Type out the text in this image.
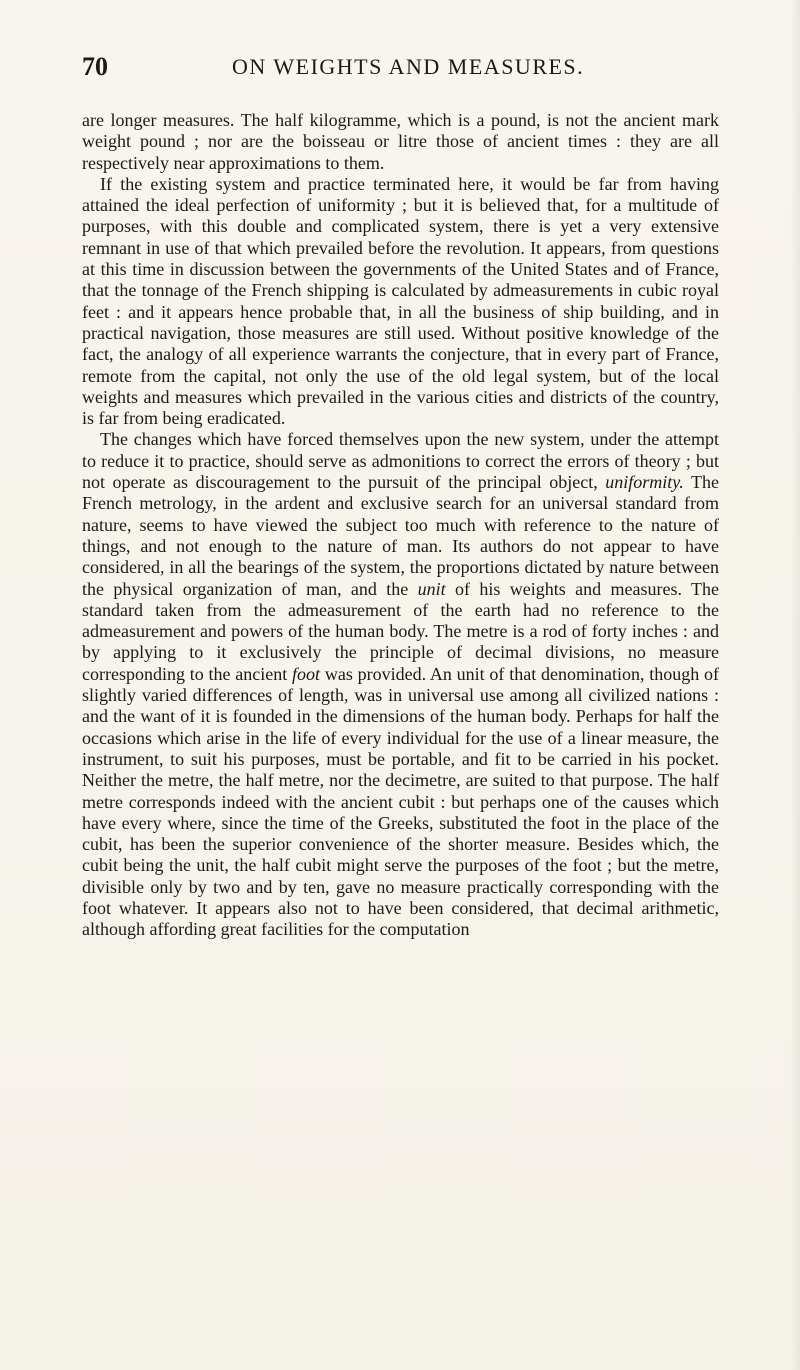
70	ON WEIGHTS AND MEASURES.

are longer measures. The half kilogramme, which is a pound, is not the ancient mark weight pound ; nor are the boisseau or litre those of ancient times : they are all respectively near approximations to them.

If the existing system and practice terminated here, it would be far from having attained the ideal perfection of uniformity ; but it is believed that, for a multitude of purposes, with this double and complicated system, there is yet a very extensive remnant in use of that which prevailed before the revolution. It appears, from questions at this time in discussion between the governments of the United States and of France, that the tonnage of the French shipping is calculated by admeasurements in cubic royal feet : and it appears hence probable that, in all the business of ship building, and in practical navigation, those measures are still used. Without positive knowledge of the fact, the analogy of all experience warrants the conjecture, that in every part of France, remote from the capital, not only the use of the old legal system, but of the local weights and measures which prevailed in the various cities and districts of the country, is far from being eradicated.

The changes which have forced themselves upon the new system, under the attempt to reduce it to practice, should serve as admonitions to correct the errors of theory ; but not operate as discouragement to the pursuit of the principal object, uniformity. The French metrology, in the ardent and exclusive search for an universal standard from nature, seems to have viewed the subject too much with reference to the nature of things, and not enough to the nature of man. Its authors do not appear to have considered, in all the bearings of the system, the proportions dictated by nature between the physical organization of man, and the unit of his weights and measures. The standard taken from the admeasurement of the earth had no reference to the admeasurement and powers of the human body. The metre is a rod of forty inches : and by applying to it exclusively the principle of decimal divisions, no measure corresponding to the ancient foot was provided. An unit of that denomination, though of slightly varied differences of length, was in universal use among all civilized nations : and the want of it is founded in the dimensions of the human body. Perhaps for half the occasions which arise in the life of every individual for the use of a linear measure, the instrument, to suit his purposes, must be portable, and fit to be carried in his pocket. Neither the metre, the half metre, nor the decimetre, are suited to that purpose. The half metre corresponds indeed with the ancient cubit : but perhaps one of the causes which have every where, since the time of the Greeks, substituted the foot in the place of the cubit, has been the superior convenience of the shorter measure. Besides which, the cubit being the unit, the half cubit might serve the purposes of the foot ; but the metre, divisible only by two and by ten, gave no measure practically corresponding with the foot whatever. It appears also not to have been considered, that decimal arithmetic, although affording great facilities for the computation
